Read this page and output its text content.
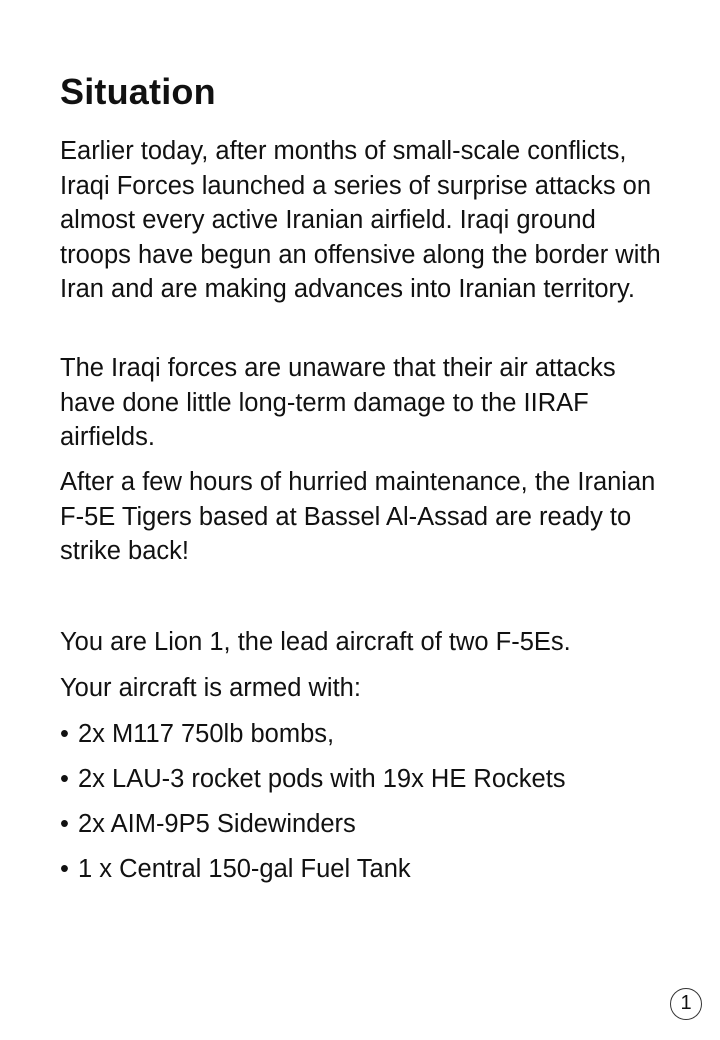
Situation

Earlier today, after months of small-scale conflicts, Iraqi Forces launched a series of surprise attacks on almost every active Iranian airfield. Iraqi ground troops have begun an offensive along the border with Iran and are making advances into Iranian territory.

The Iraqi forces are unaware that their air attacks have done little long-term damage to the IIRAF airfields.

After a few hours of hurried maintenance, the Iranian F-5E Tigers based at Bassel Al-Assad are ready to strike back!

You are Lion 1, the lead aircraft of two F-5Es.

Your aircraft is armed with:

• 2x M117 750lb bombs,
• 2x LAU-3 rocket pods with 19x HE Rockets
• 2x AIM-9P5 Sidewinders
• 1 x Central 150-gal Fuel Tank
1
